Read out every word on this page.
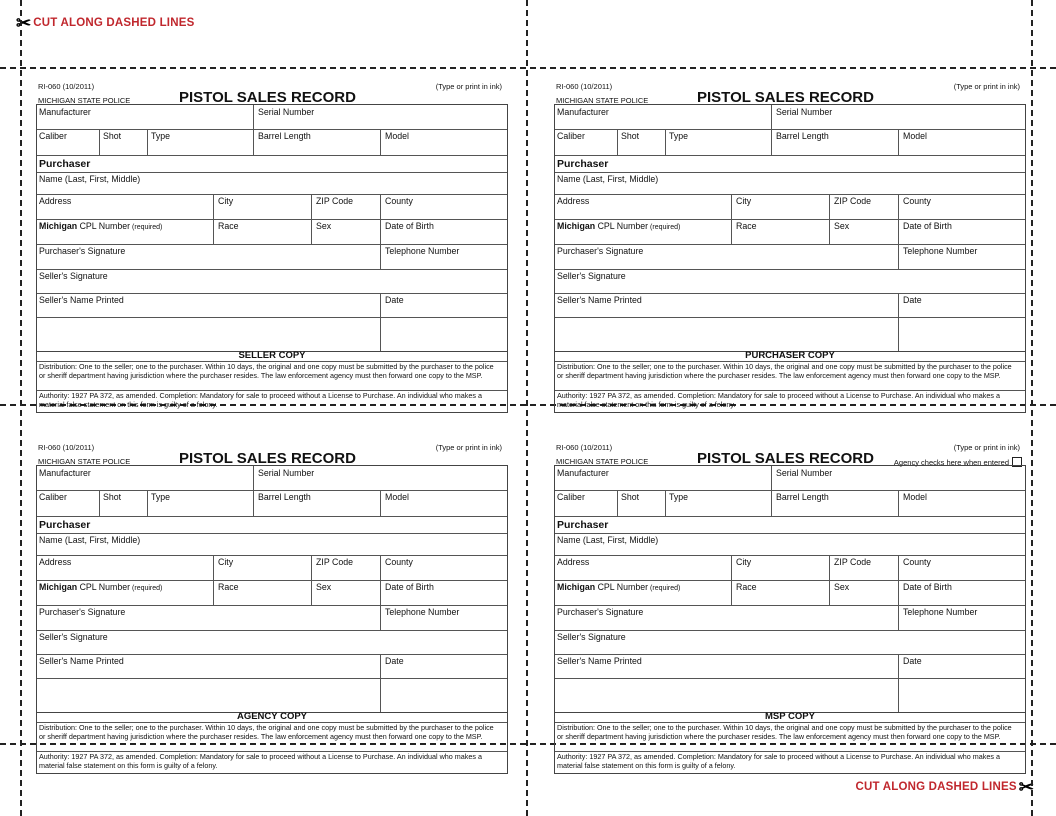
✂ CUT ALONG DASHED LINES
✂
CUT ALONG DASHED LINES
RI-060 (10/2011)
MICHIGAN STATE POLICE	PISTOL SALES RECORD
(Type or print in ink)
Manufacturer	Serial Number
Caliber	Shot	Type	Barrel Length	Model
Purchaser
Name (Last, First, Middle)
Address	City	ZIP Code	County
Michigan CPL Number (required)	Race	Sex	Date of Birth
Purchaser's Signature	Telephone Number
Seller's Signature
Seller's Name Printed	Date
SELLER COPY
Distribution: One to the seller; one to the purchaser. Within 10 days, the original and one copy must be submitted by the purchaser to the police or sheriff department having jurisdiction where the purchaser resides. The law enforcement agency must then forward one copy to the MSP.
Authority: 1927 PA 372, as amended. Completion: Mandatory for sale to proceed without a License to Purchase. An individual who makes a material false statement on this form is guilty of a felony.
RI-060 (10/2011)
MICHIGAN STATE POLICE	PISTOL SALES RECORD
(Type or print in ink)
Manufacturer	Serial Number
Caliber	Shot	Type	Barrel Length	Model
Purchaser
Name (Last, First, Middle)
Address	City	ZIP Code	County
Michigan CPL Number (required)	Race	Sex	Date of Birth
Purchaser's Signature	Telephone Number
Seller's Signature
Seller's Name Printed	Date
PURCHASER COPY
Distribution: One to the seller; one to the purchaser. Within 10 days, the original and one copy must be submitted by the purchaser to the police or sheriff department having jurisdiction where the purchaser resides. The law enforcement agency must then forward one copy to the MSP.
Authority: 1927 PA 372, as amended. Completion: Mandatory for sale to proceed without a License to Purchase. An individual who makes a material false statement on this form is guilty of a felony.
RI-060 (10/2011)
MICHIGAN STATE POLICE	PISTOL SALES RECORD
(Type or print in ink)
Manufacturer	Serial Number
Caliber	Shot	Type	Barrel Length	Model
Purchaser
Name (Last, First, Middle)
Address	City	ZIP Code	County
Michigan CPL Number (required)	Race	Sex	Date of Birth
Purchaser's Signature	Telephone Number
Seller's Signature
Seller's Name Printed	Date
AGENCY COPY
Distribution: One to the seller; one to the purchaser. Within 10 days, the original and one copy must be submitted by the purchaser to the police or sheriff department having jurisdiction where the purchaser resides. The law enforcement agency must then forward one copy to the MSP.
Authority: 1927 PA 372, as amended. Completion: Mandatory for sale to proceed without a License to Purchase. An individual who makes a material false statement on this form is guilty of a felony.
RI-060 (10/2011)
MICHIGAN STATE POLICE	PISTOL SALES RECORD
(Type or print in ink)
Agency checks here when entered
Manufacturer	Serial Number
Caliber	Shot	Type	Barrel Length	Model
Purchaser
Name (Last, First, Middle)
Address	City	ZIP Code	County
Michigan CPL Number (required)	Race	Sex	Date of Birth
Purchaser's Signature	Telephone Number
Seller's Signature
Seller's Name Printed	Date
MSP COPY
Distribution: One to the seller; one to the purchaser. Within 10 days, the original and one copy must be submitted by the purchaser to the police or sheriff department having jurisdiction where the purchaser resides. The law enforcement agency must then forward one copy to the MSP.
Authority: 1927 PA 372, as amended. Completion: Mandatory for sale to proceed without a License to Purchase. An individual who makes a material false statement on this form is guilty of a felony.
